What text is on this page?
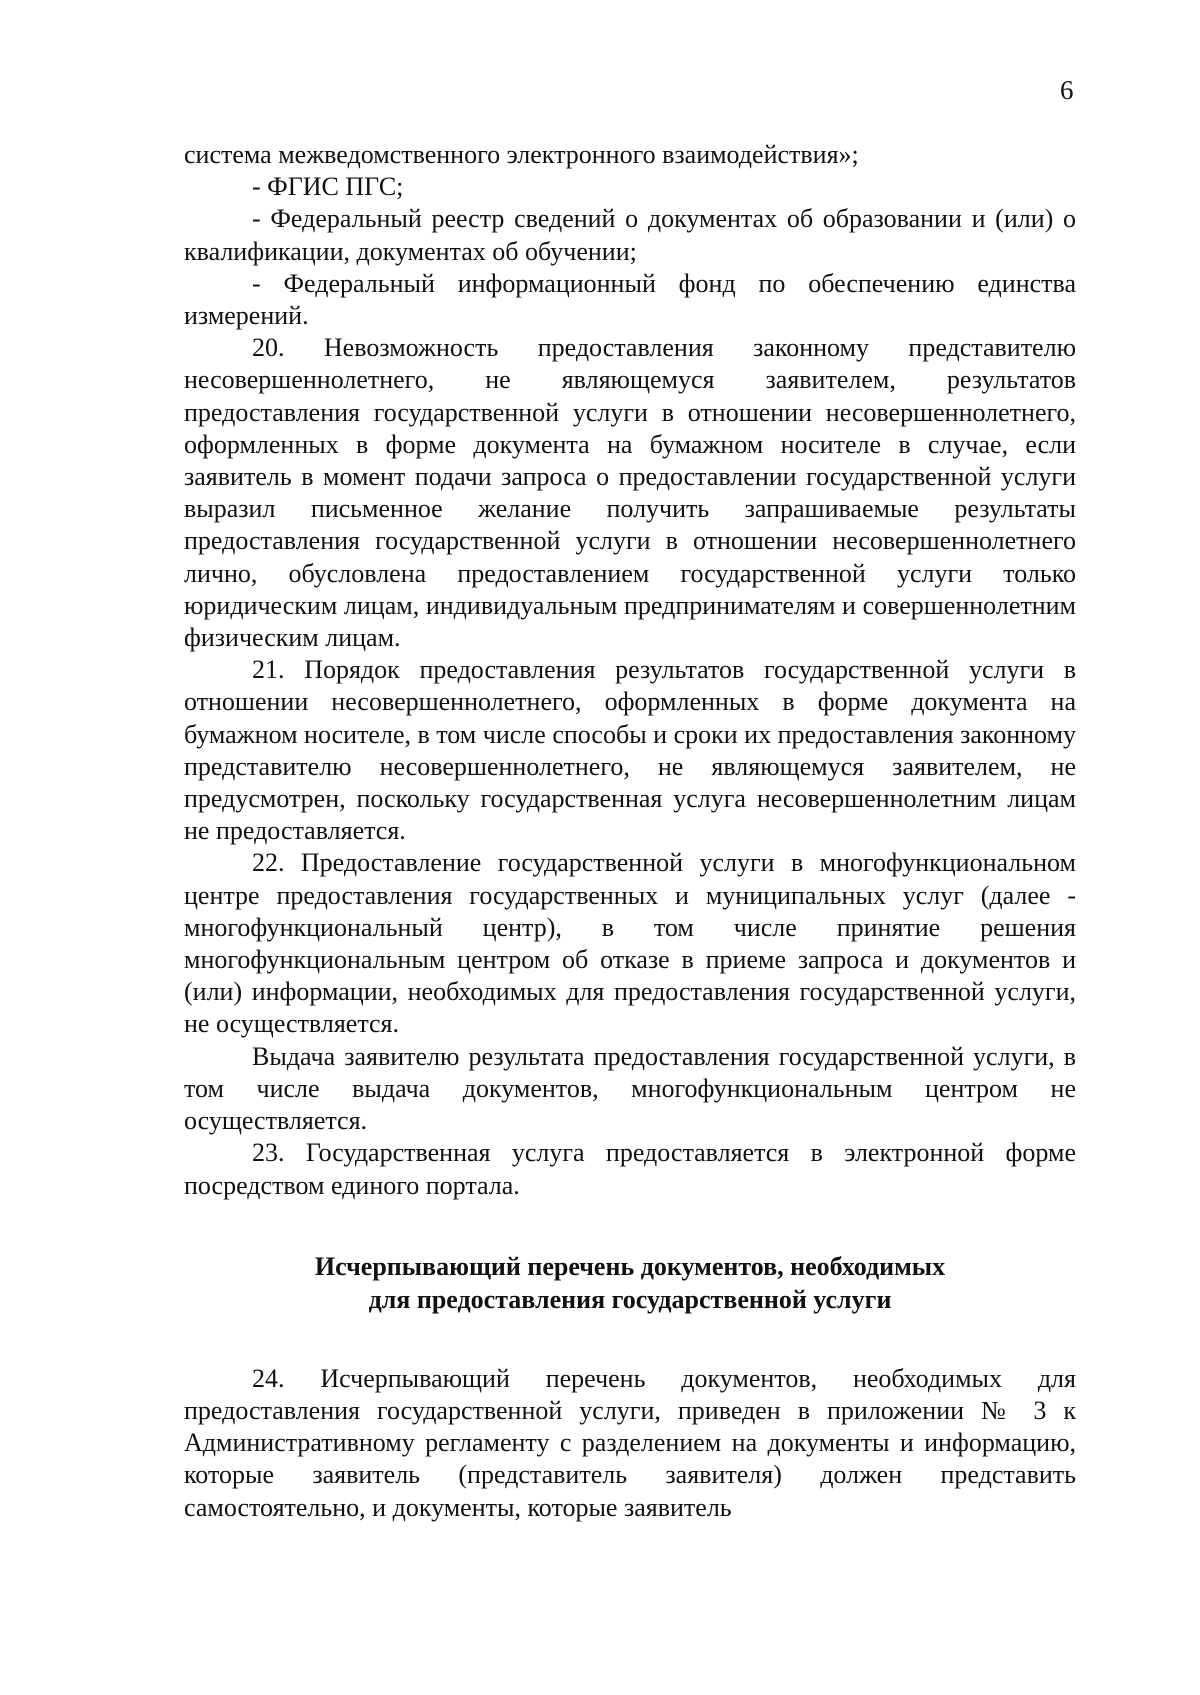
6

система межведомственного электронного взаимодействия»;

- ФГИС ПГС;

- Федеральный реестр сведений о документах об образовании и (или) о квалификации, документах об обучении;

- Федеральный информационный фонд по обеспечению единства измерений.

20. Невозможность предоставления законному представителю несовершеннолетнего, не являющемуся заявителем, результатов предоставления государственной услуги в отношении несовершеннолетнего, оформленных в форме документа на бумажном носителе в случае, если заявитель в момент подачи запроса о предоставлении государственной услуги выразил письменное желание получить запрашиваемые результаты предоставления государственной услуги в отношении несовершеннолетнего лично, обусловлена предоставлением государственной услуги только юридическим лицам, индивидуальным предпринимателям и совершеннолетним физическим лицам.

21. Порядок предоставления результатов государственной услуги в отношении несовершеннолетнего, оформленных в форме документа на бумажном носителе, в том числе способы и сроки их предоставления законному представителю несовершеннолетнего, не являющемуся заявителем, не предусмотрен, поскольку государственная услуга несовершеннолетним лицам не предоставляется.

22. Предоставление государственной услуги в многофункциональном центре предоставления государственных и муниципальных услуг (далее - многофункциональный центр), в том числе принятие решения многофункциональным центром об отказе в приеме запроса и документов и (или) информации, необходимых для предоставления государственной услуги, не осуществляется.

Выдача заявителю результата предоставления государственной услуги, в том числе выдача документов, многофункциональным центром не осуществляется.

23. Государственная услуга предоставляется в электронной форме посредством единого портала.

Исчерпывающий перечень документов, необходимых
для предоставления государственной услуги

24. Исчерпывающий перечень документов, необходимых для предоставления государственной услуги, приведен в приложении № 3 к Административному регламенту с разделением на документы и информацию, которые заявитель (представитель заявителя) должен представить самостоятельно, и документы, которые заявитель
